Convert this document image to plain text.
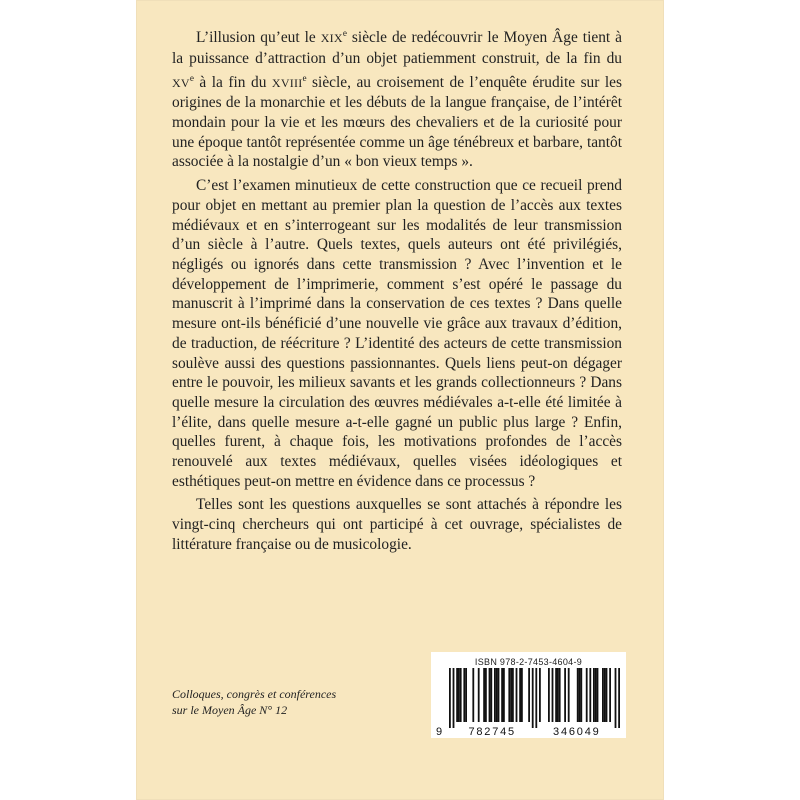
L’illusion qu’eut le XIXe siècle de redécouvrir le Moyen Âge tient à la puissance d’attraction d’un objet patiemment construit, de la fin du XVe à la fin du XVIIIe siècle, au croisement de l’enquête érudite sur les origines de la monarchie et les débuts de la langue française, de l’intérêt mondain pour la vie et les mœurs des chevaliers et de la curiosité pour une époque tantôt représentée comme un âge ténébreux et barbare, tantôt associée à la nostalgie d’un « bon vieux temps ».

C’est l’examen minutieux de cette construction que ce recueil prend pour objet en mettant au premier plan la question de l’accès aux textes médiévaux et en s’interrogeant sur les modalités de leur transmission d’un siècle à l’autre. Quels textes, quels auteurs ont été privilégiés, négligés ou ignorés dans cette transmission ? Avec l’invention et le développement de l’imprimerie, comment s’est opéré le passage du manuscrit à l’imprimé dans la conservation de ces textes ? Dans quelle mesure ont-ils bénéficié d’une nouvelle vie grâce aux travaux d’édition, de traduction, de réécriture ? L’identité des acteurs de cette transmission soulève aussi des questions passionnantes. Quels liens peut-on dégager entre le pouvoir, les milieux savants et les grands collectionneurs ? Dans quelle mesure la circulation des œuvres médiévales a-t-elle été limitée à l’élite, dans quelle mesure a-t-elle gagné un public plus large ? Enfin, quelles furent, à chaque fois, les motivations profondes de l’accès renouvelé aux textes médiévaux, quelles visées idéologiques et esthétiques peut-on mettre en évidence dans ce processus ?

Telles sont les questions auxquelles se sont attachés à répondre les vingt-cinq chercheurs qui ont participé à cet ouvrage, spécialistes de littérature française ou de musicologie.

Colloques, congrès et conférences
sur le Moyen Âge N° 12
ISBN 978-2-7453-4604-9
9 782745	346049
